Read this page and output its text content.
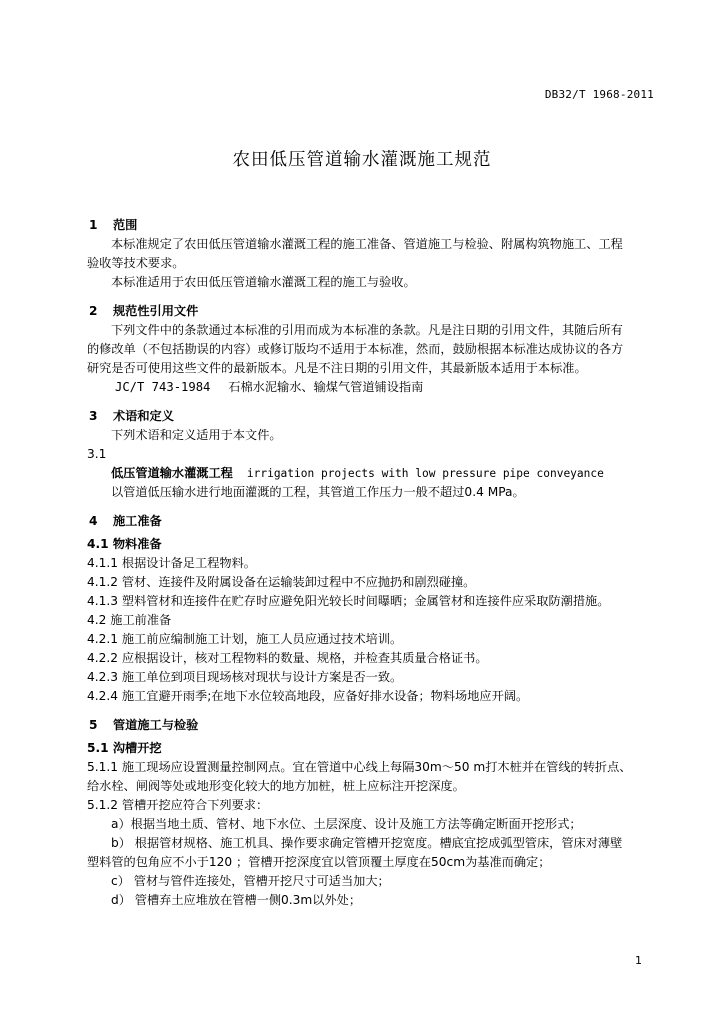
DB32/T 1968-2011
农田低压管道输水灌溉施工规范
1 范围
本标准规定了农田低压管道输水灌溉工程的施工准备、管道施工与检验、附属构筑物施工、工程
验收等技术要求。
本标准适用于农田低压管道输水灌溉工程的施工与验收。
2 规范性引用文件
下列文件中的条款通过本标准的引用而成为本标准的条款。凡是注日期的引用文件，其随后所有
的修改单（不包括勘误的内容）或修订版均不适用于本标准，然而，鼓励根据本标准达成协议的各方
研究是否可使用这些文件的最新版本。凡是不注日期的引用文件，其最新版本适用于本标准。
JC/T 743-1984 石棉水泥输水、输煤气管道铺设指南
3 术语和定义
下列术语和定义适用于本文件。
3.1
低压管道输水灌溉工程 irrigation projects with low pressure pipe conveyance
以管道低压输水进行地面灌溉的工程，其管道工作压力一般不超过0.4 MPa。
4 施工准备
4.1 物料准备
4.1.1 根据设计备足工程物料。
4.1.2 管材、连接件及附属设备在运输装卸过程中不应抛扔和剧烈碰撞。
4.1.3 塑料管材和连接件在贮存时应避免阳光较长时间曝晒；金属管材和连接件应采取防潮措施。
4.2 施工前准备
4.2.1 施工前应编制施工计划，施工人员应通过技术培训。
4.2.2 应根据设计，核对工程物料的数量、规格，并检查其质量合格证书。
4.2.3 施工单位到项目现场核对现状与设计方案是否一致。
4.2.4 施工宜避开雨季;在地下水位较高地段，应备好排水设备；物料场地应开阔。
5 管道施工与检验
5.1 沟槽开挖
5.1.1 施工现场应设置测量控制网点。宜在管道中心线上每隔30m～50 m打木桩并在管线的转折点、
给水栓、闸阀等处或地形变化较大的地方加桩，桩上应标注开挖深度。
5.1.2 管槽开挖应符合下列要求：
a）根据当地土质、管材、地下水位、土层深度、设计及施工方法等确定断面开挖形式；
b） 根据管材规格、施工机具、操作要求确定管槽开挖宽度。槽底宜挖成弧型管床，管床对薄壁
塑料管的包角应不小于120 ；管槽开挖深度宜以管顶覆土厚度在50cm为基准而确定；
c） 管材与管件连接处，管槽开挖尺寸可适当加大；
d） 管槽弃土应堆放在管槽一侧0.3m以外处；
1
